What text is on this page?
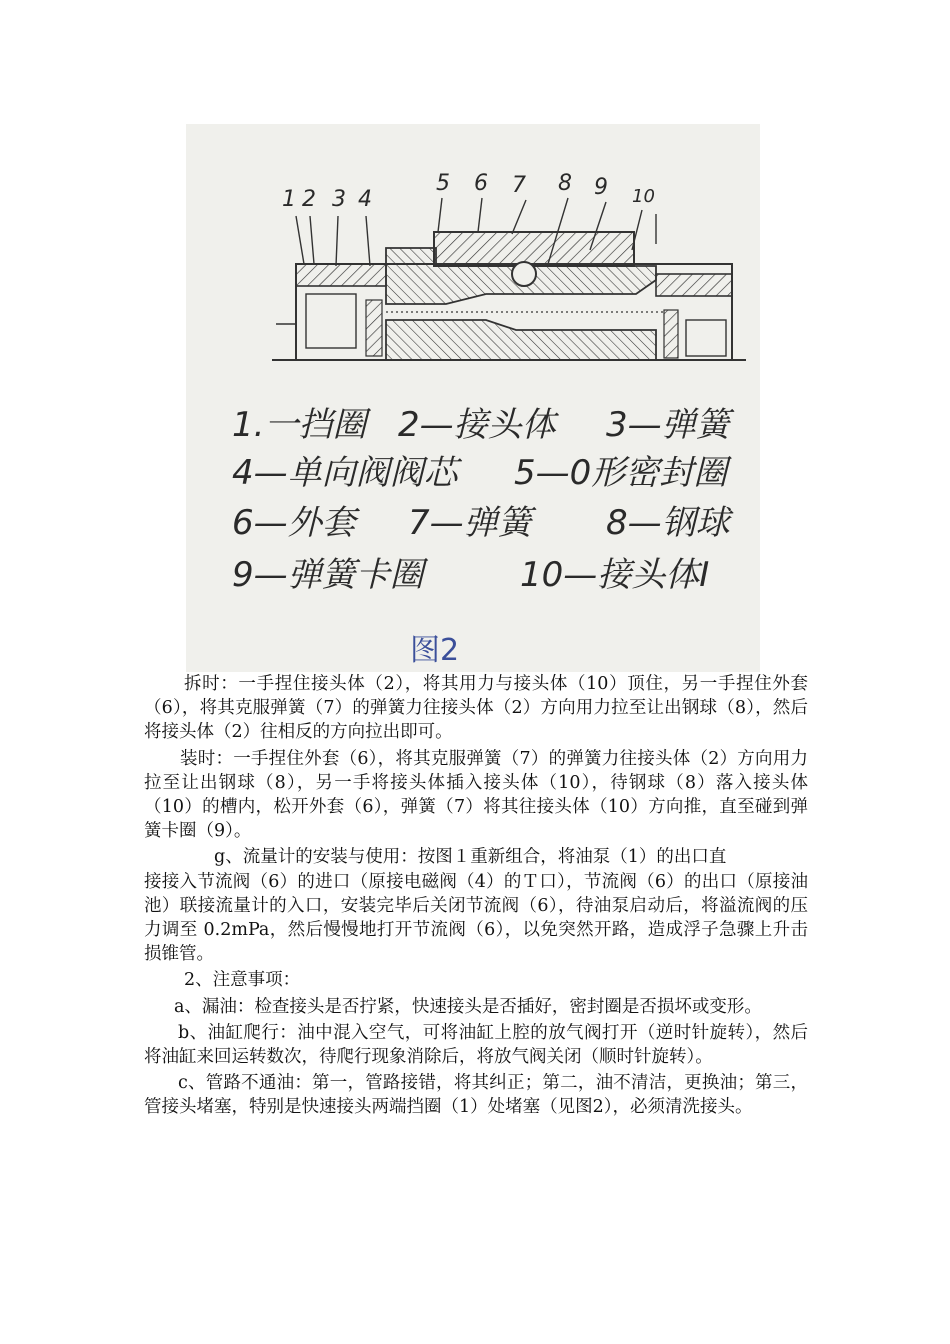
1 2 3 4
5 6 7 8 9 10
1.一挡圈 2—接头体 3—弹簧
4—单向阀阀芯 5—0形密封圈
6—外套 7—弹簧 8—钢球
9—弹簧卡圈	10—接头体Ⅰ
图2

拆时：一手捏住接头体（2），将其用力与接头体（10）顶住，另一手捏住外套（6），将其克服弹簧（7）的弹簧力往接头体（2）方向用力拉至让出钢球（8），然后将接头体（2）往相反的方向拉出即可。

装时：一手捏住外套（6），将其克服弹簧（7）的弹簧力往接头体（2）方向用力拉至让出钢球（8），另一手将接头体插入接头体（10），待钢球（8）落入接头体（10）的槽内，松开外套（6），弹簧（7）将其往接头体（10）方向推，直至碰到弹簧卡圈（9）。

g、流量计的安装与使用：按图１重新组合，将油泵（1）的出口直

接接入节流阀（6）的进口（原接电磁阀（4）的Ｔ口），节流阀（6）的出口（原接油池）联接流量计的入口，安装完毕后关闭节流阀（6），待油泵启动后，将溢流阀的压力调至 0.2mPa，然后慢慢地打开节流阀（6），以免突然开路，造成浮子急骤上升击损锥管。

2、注意事项：

a、漏油：检查接头是否拧紧，快速接头是否插好，密封圈是否损坏或变形。

b、油缸爬行：油中混入空气，可将油缸上腔的放气阀打开（逆时针旋转），然后将油缸来回运转数次，待爬行现象消除后，将放气阀关闭（顺时针旋转）。

c、管路不通油：第一，管路接错，将其纠正；第二，油不清洁，更换油；第三，管接头堵塞，特别是快速接头两端挡圈（1）处堵塞（见图2），必须清洗接头。
